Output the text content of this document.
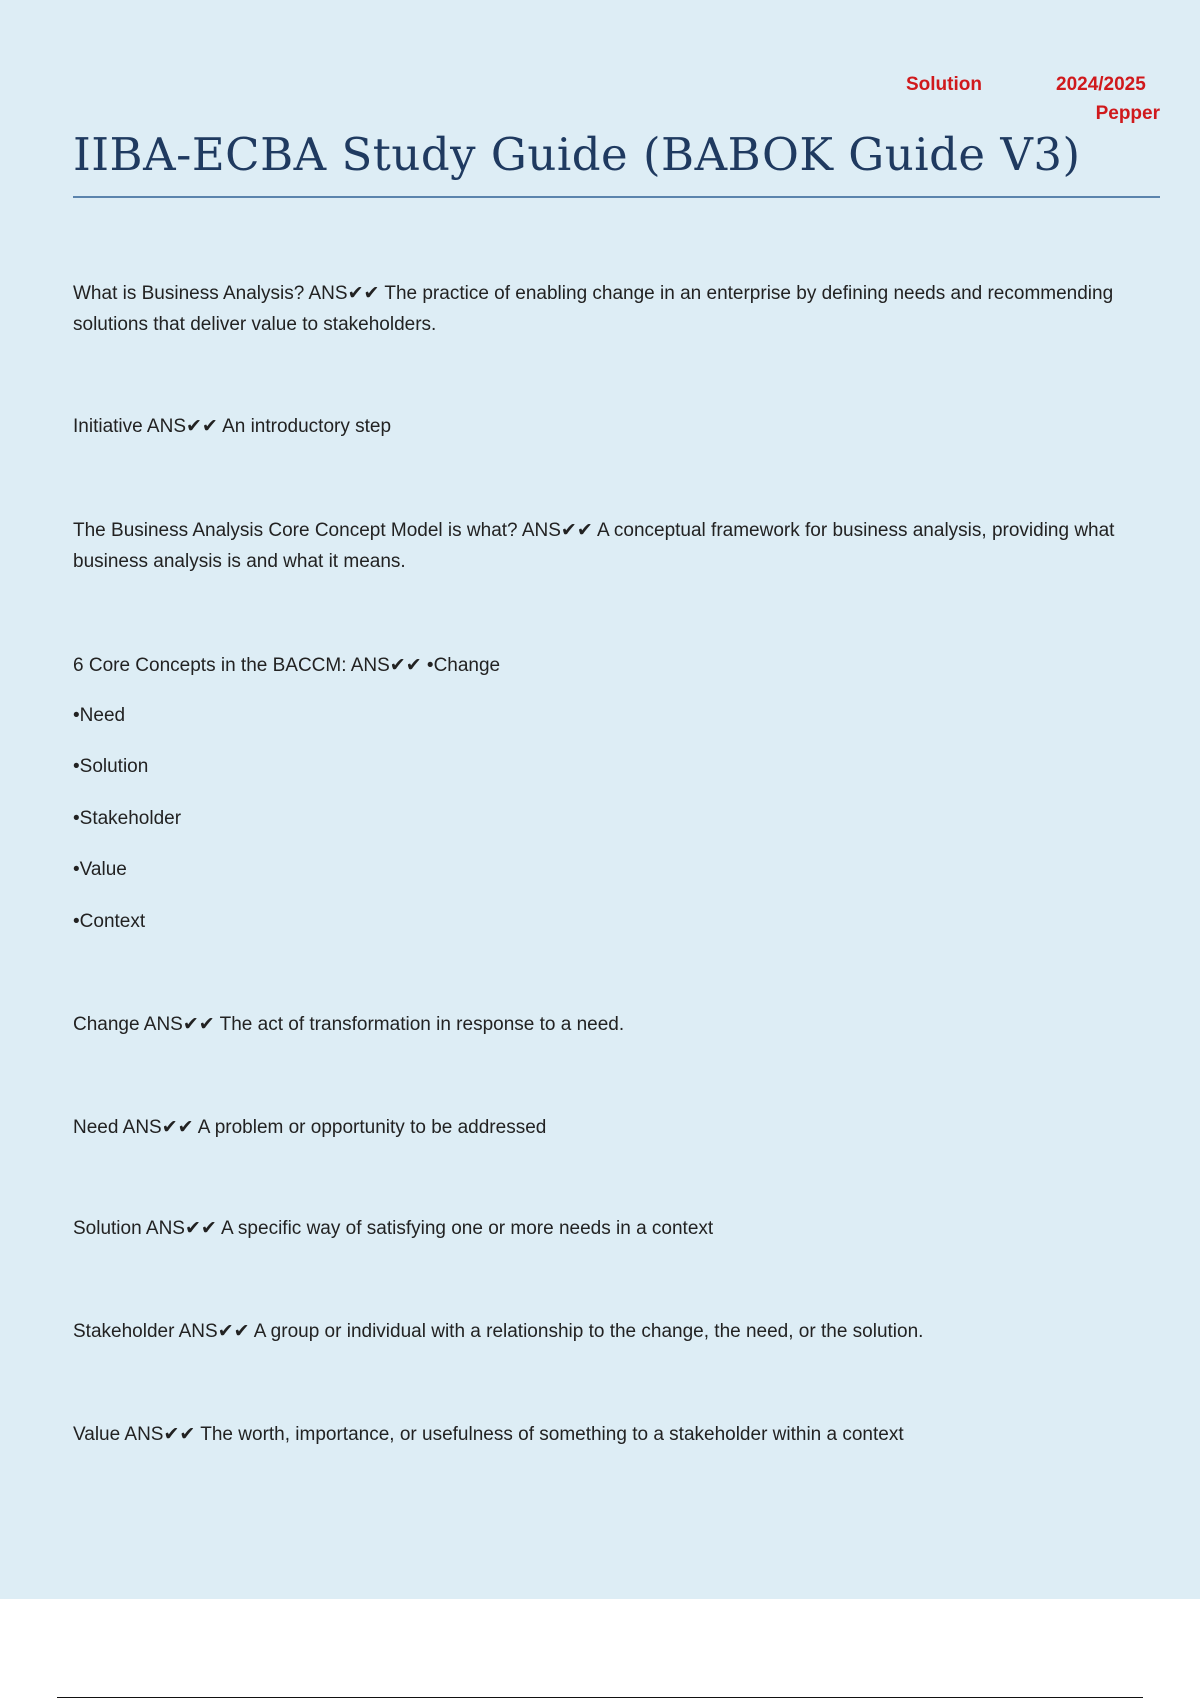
Solution	2024/2025
Pepper
IIBA-ECBA Study Guide (BABOK Guide V3)
What is Business Analysis? ANS✔✔ The practice of enabling change in an enterprise by defining needs and recommending solutions that deliver value to stakeholders.
Initiative ANS✔✔ An introductory step
The Business Analysis Core Concept Model is what? ANS✔✔ A conceptual framework for business analysis, providing what business analysis is and what it means.
6 Core Concepts in the BACCM: ANS✔✔ •Change
•Need
•Solution
•Stakeholder
•Value
•Context
Change ANS✔✔ The act of transformation in response to a need.
Need ANS✔✔ A problem or opportunity to be addressed
Solution ANS✔✔ A specific way of satisfying one or more needs in a context
Stakeholder ANS✔✔ A group or individual with a relationship to the change, the need, or the solution.
Value ANS✔✔ The worth, importance, or usefulness of something to a stakeholder within a context
